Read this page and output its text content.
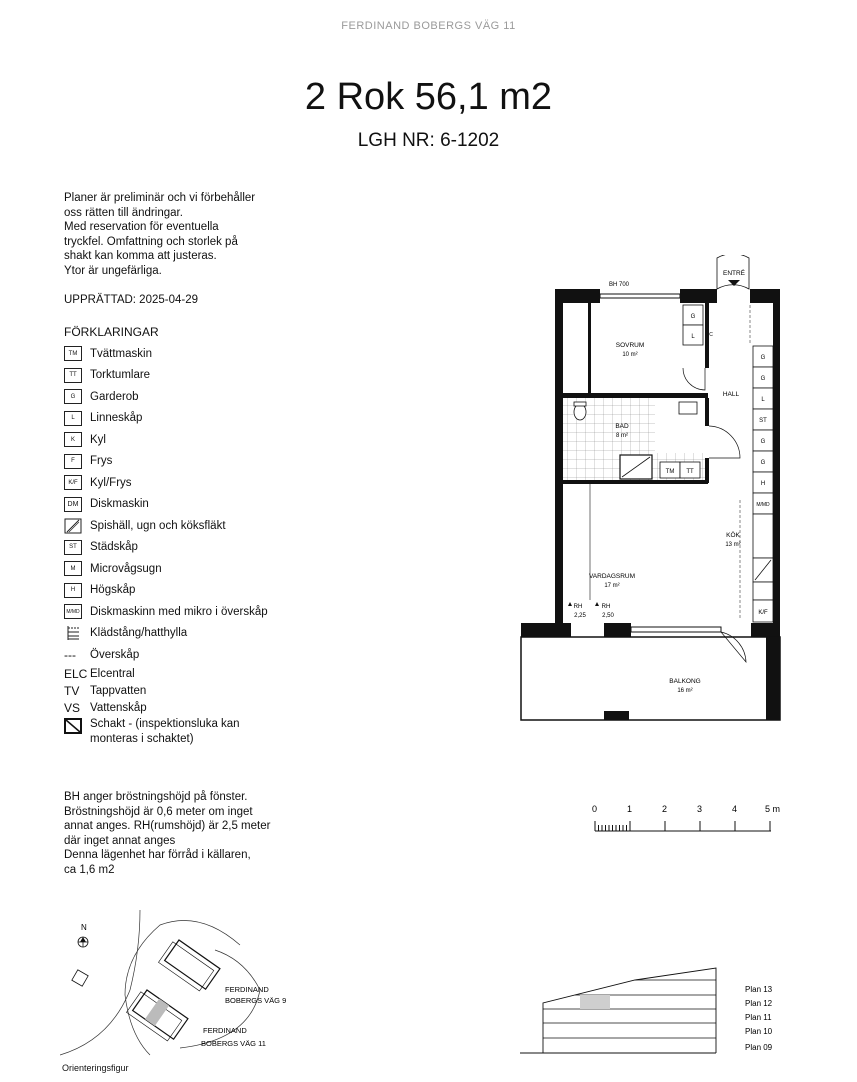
FERDINAND BOBERGS VÄG 11
2 Rok 56,1 m2
LGH NR: 6-1202
Planer är preliminär och vi förbehåller
oss rätten till ändringar.
Med reservation för eventuella
tryckfel. Omfattning och storlek på
shakt kan komma att justeras.
Ytor är ungefärliga.
UPPRÄTTAD: 2025-04-29
FÖRKLARINGAR
TM	Tvättmaskin
TT	Torktumlare
G	Garderob
L	Linneskåp
K	Kyl
F	Frys
K/F	Kyl/Frys
DM	Diskmaskin
Spishäll, ugn och köksfläkt
ST	Städskåp
M	Microvågsugn
H	Högskåp
M/MD Diskmaskinn med mikro i överskåp
Klädstång/hatthylla
---	Överskåp
ELC Elcentral
TV Tappvatten
VS Vattenskåp
Schakt - (inspektionsluka kan
monteras i schaktet)
BH anger bröstningshöjd på fönster.
Bröstningshöjd är 0,6 meter om inget
annat anges. RH(rumshöjd) är 2,5 meter
där inget annat anges
Denna lägenhet har förråd i källaren,
ca 1,6 m2
SOVRUM
10 m²
BAD
8 m²
HALL
KÖK
13 m²
VARDAGSRUM
17 m²
BALKONG
16 m²
ENTRÉ
BH 700
RH
2,25
RH
2,50
G
L	C
G
G
L
ST
G
G
H
M/MD
K/F
TM TT
0	1	2	3	4	5 m
N
FERDINAND
BOBERGS VÄG 9
FERDINAND
BOBERGS VÄG 11
Orienteringsfigur
Plan 13
Plan 12
Plan 11
Plan 10
Plan 09
